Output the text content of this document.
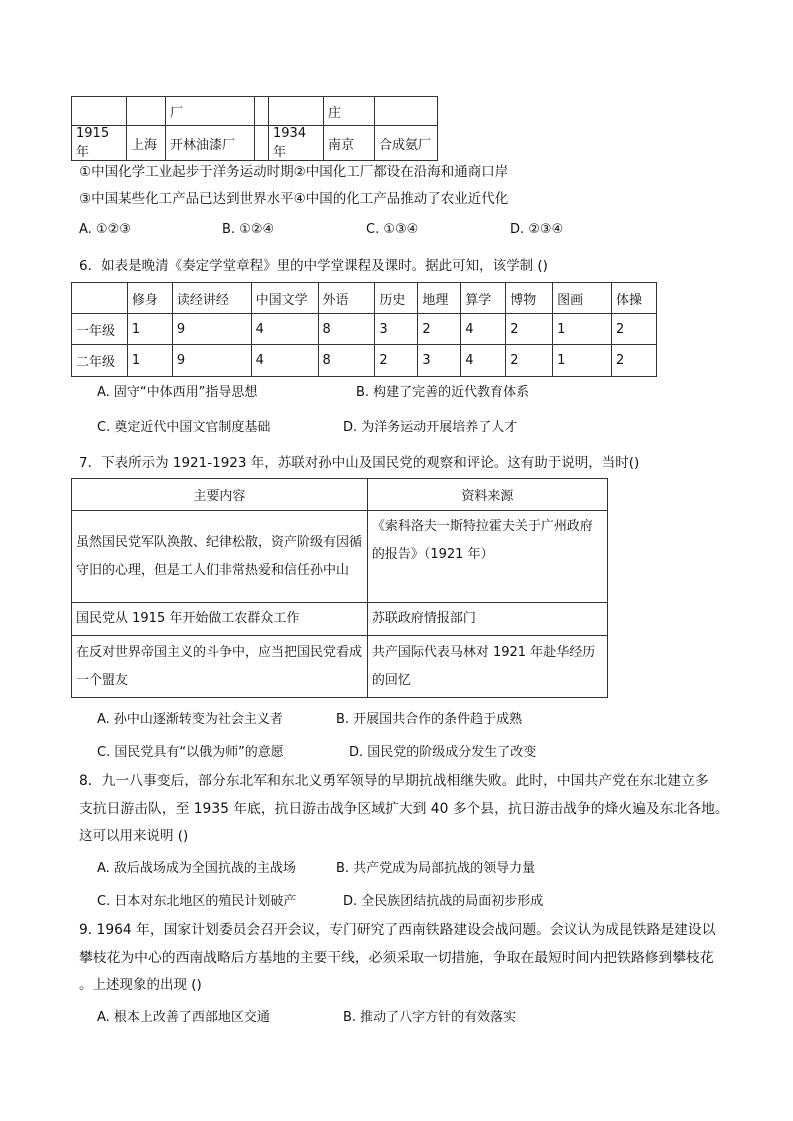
		厂			庄	
1915 年	上海	开林油漆厂		1934 年	南京	合成氨厂
①中国化学工业起步于洋务运动时期②中国化工厂都设在沿海和通商口岸
③中国某些化工产品已达到世界水平④中国的化工产品推动了农业近代化
A. ①②③	B. ①②④	C. ①③④	D. ②③④
6．如表是晚清《奏定学堂章程》里的中学堂课程及课时。据此可知，该学制 ()
	修身	读经讲经	中国文学	外语	历史	地理	算学	博物	图画	体操
一年级	1	9	4	8	3	2	4	2	1	2
二年级	1	9	4	8	2	3	4	2	1	2
A. 固守“中体西用”指导思想	B. 构建了完善的近代教育体系
C. 奠定近代中国文官制度基础	D. 为洋务运动开展培养了人才
7．下表所示为 1921-1923 年，苏联对孙中山及国民党的观察和评论。这有助于说明，当时()
主要内容	资料来源
虽然国民党军队涣散、纪律松散，资产阶级有因循守旧的心理，但是工人们非常热爱和信任孙中山	《索科洛夫一斯特拉霍夫关于广州政府的报告》（1921 年）
国民党从 1915 年开始做工农群众工作	苏联政府情报部门
在反对世界帝国主义的斗争中，应当把国民党看成一个盟友	共产国际代表马林对 1921 年赴华经历的回忆
A. 孙中山逐渐转变为社会主义者	B. 开展国共合作的条件趋于成熟
C. 国民党具有“以俄为师”的意愿	D. 国民党的阶级成分发生了改变
8．九一八事变后，部分东北军和东北义勇军领导的早期抗战相继失败。此时，中国共产党在东北建立多
支抗日游击队，至 1935 年底，抗日游击战争区域扩大到 40 多个县，抗日游击战争的烽火遍及东北各地。
这可以用来说明 ()
A. 敌后战场成为全国抗战的主战场	B. 共产党成为局部抗战的领导力量
C. 日本对东北地区的殖民计划破产	D. 全民族团结抗战的局面初步形成
9. 1964 年，国家计划委员会召开会议，专门研究了西南铁路建设会战问题。会议认为成昆铁路是建设以
攀枝花为中心的西南战略后方基地的主要干线，必须采取一切措施，争取在最短时间内把铁路修到攀枝花
。上述现象的出现 ()
A. 根本上改善了西部地区交通	B. 推动了八字方针的有效落实
